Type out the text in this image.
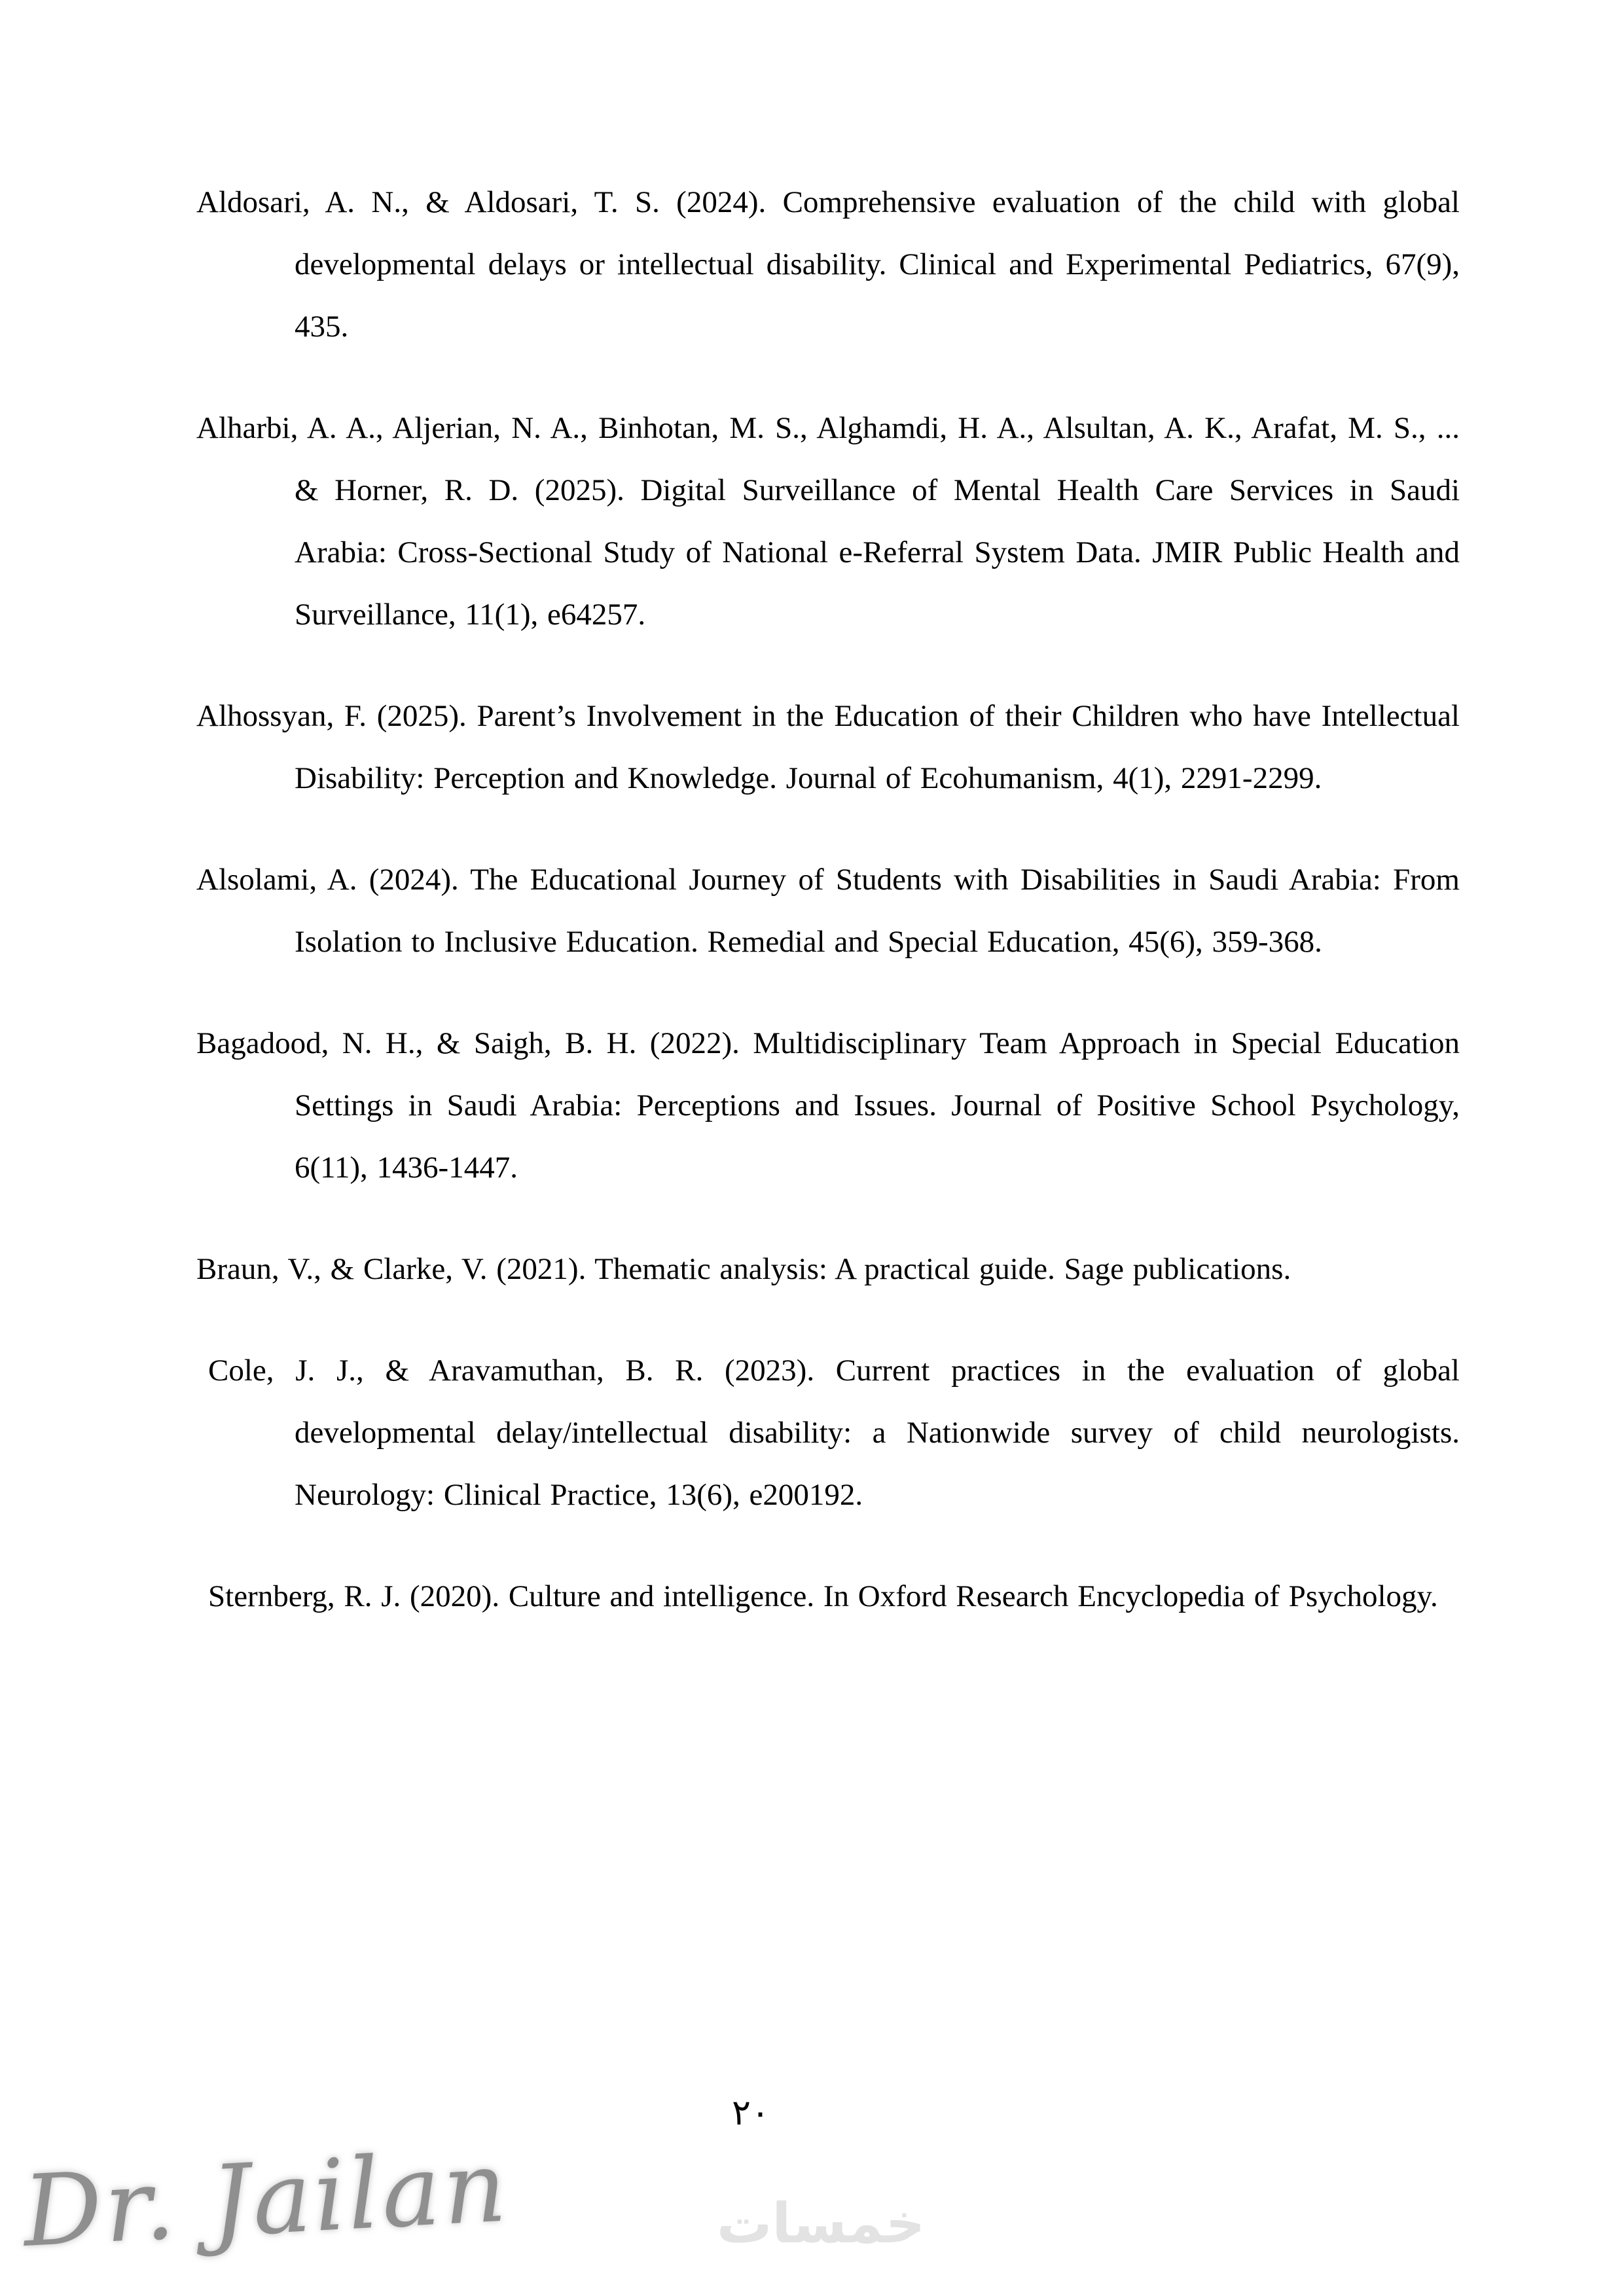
Aldosari, A. N., & Aldosari, T. S. (2024). Comprehensive evaluation of the child with global developmental delays or intellectual disability. Clinical and Experimental Pediatrics, 67(9), 435.

Alharbi, A. A., Aljerian, N. A., Binhotan, M. S., Alghamdi, H. A., Alsultan, A. K., Arafat, M. S., ... & Horner, R. D. (2025). Digital Surveillance of Mental Health Care Services in Saudi Arabia: Cross-Sectional Study of National e-Referral System Data. JMIR Public Health and Surveillance, 11(1), e64257.

Alhossyan, F. (2025). Parent’s Involvement in the Education of their Children who have Intellectual Disability: Perception and Knowledge. Journal of Ecohumanism, 4(1), 2291-2299.

Alsolami, A. (2024). The Educational Journey of Students with Disabilities in Saudi Arabia: From Isolation to Inclusive Education. Remedial and Special Education, 45(6), 359-368.

Bagadood, N. H., & Saigh, B. H. (2022). Multidisciplinary Team Approach in Special Education Settings in Saudi Arabia: Perceptions and Issues. Journal of Positive School Psychology, 6(11), 1436-1447.

Braun, V., & Clarke, V. (2021). Thematic analysis: A practical guide. Sage publications.

Cole, J. J., & Aravamuthan, B. R. (2023). Current practices in the evaluation of global developmental delay/intellectual disability: a Nationwide survey of child neurologists. Neurology: Clinical Practice, 13(6), e200192.

Sternberg, R. J. (2020). Culture and intelligence. In Oxford Research Encyclopedia of Psychology.

٢٠
Dr. Jailan	خمسات
